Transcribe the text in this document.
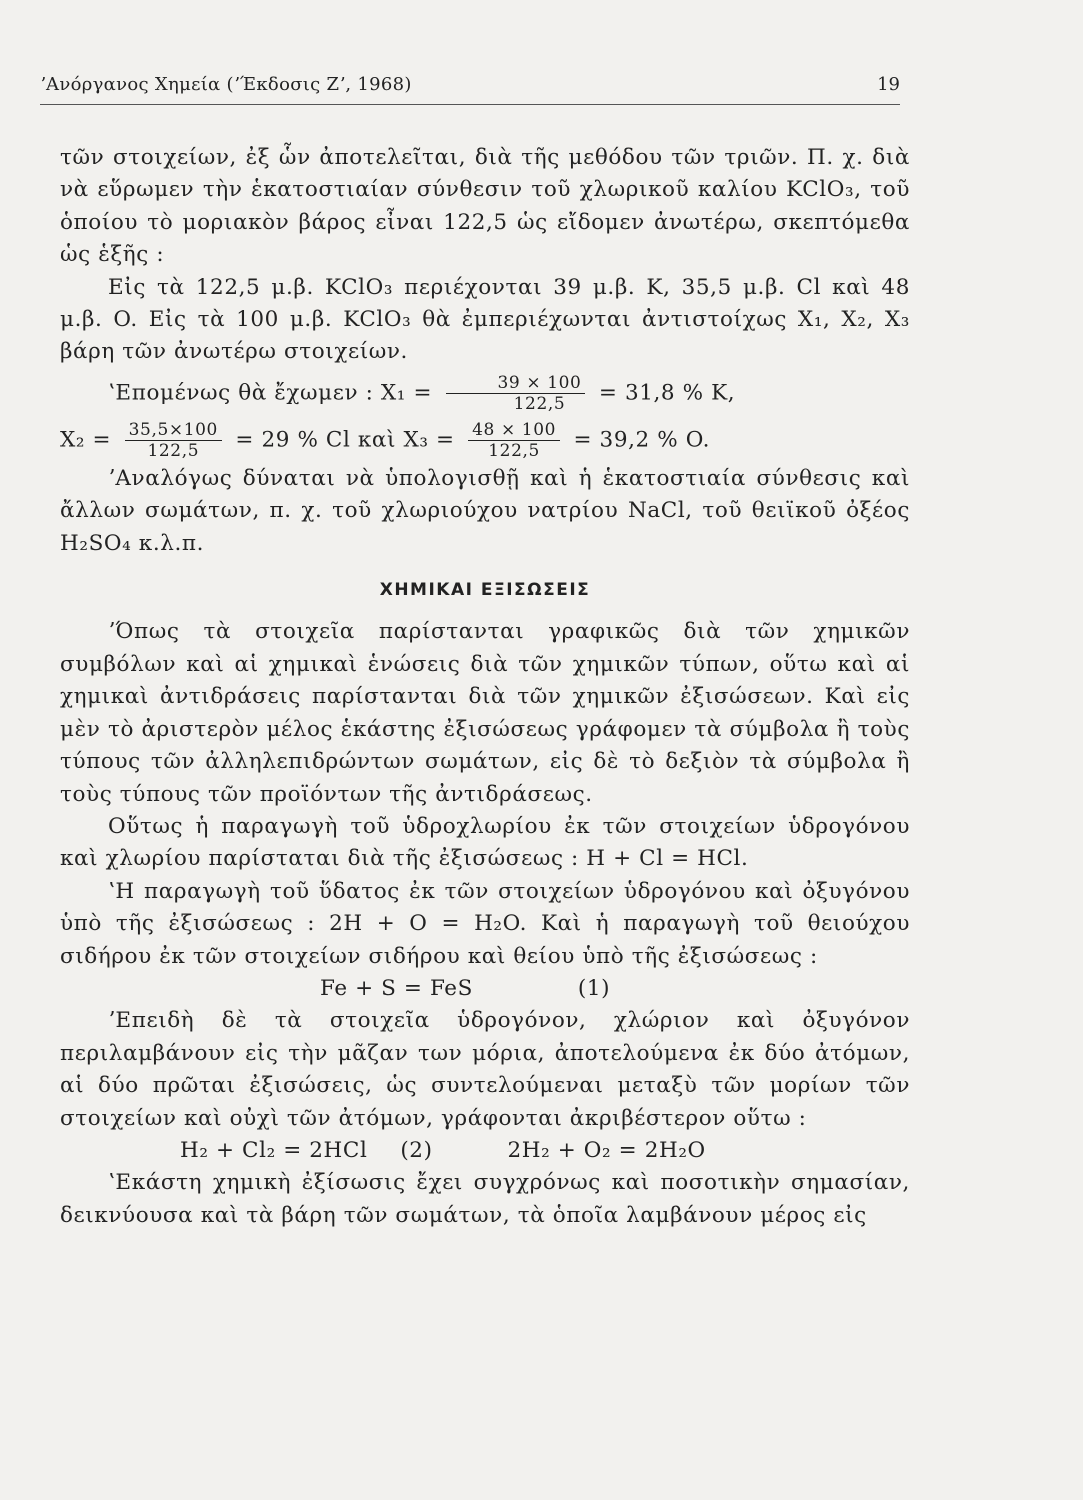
ʼΑνόργανος Χημεία (ʼΈκδοσις Ζʼ, 1968)	19

τῶν στοιχείων, ἐξ ὧν ἀποτελεῖται, διὰ τῆς μεθόδου τῶν τριῶν. Π. χ. διὰ νὰ εὕρωμεν τὴν ἑκατοστιαίαν σύνθεσιν τοῦ χλωρικοῦ καλίου KClO₃, τοῦ ὁποίου τὸ μοριακὸν βάρος εἶναι 122,5 ὡς εἴδομεν ἀνωτέρω, σκεπτόμεθα ὡς ἑξῆς :

Εἰς τὰ 122,5 μ.β. KClO₃ περιέχονται 39 μ.β. K, 35,5 μ.β. Cl καὶ 48 μ.β. O. Εἰς τὰ 100 μ.β. KClO₃ θὰ ἐμπεριέχωνται ἀντιστοίχως X₁, X₂, X₃ βάρη τῶν ἀνωτέρω στοιχείων.

ʽΕπομένως θὰ ἔχωμεν : $X_1 = \frac{39 \times 100}{122,5} = 31,8$ % K,

$X_2 = \frac{35,5\times 100}{122,5} = 29$ % Cl καὶ $X_3 = \frac{48 \times 100}{122,5} = 39,2$ % O.

ʼΑναλόγως δύναται νὰ ὑπολογισθῇ καὶ ἡ ἑκατοστιαία σύνθεσις καὶ ἄλλων σωμάτων, π. χ. τοῦ χλωριούχου νατρίου NaCl, τοῦ θειϊκοῦ ὀξέος H₂SO₄ κ.λ.π.

ΧΗΜΙΚΑΙ ΕΞΙΣΩΣΕΙΣ

ʼΌπως τὰ στοιχεῖα παρίστανται γραφικῶς διὰ τῶν χημικῶν συμβόλων καὶ αἱ χημικαὶ ἑνώσεις διὰ τῶν χημικῶν τύπων, οὕτω καὶ αἱ χημικαὶ ἀντιδράσεις παρίστανται διὰ τῶν χημικῶν ἐξισώσεων. Καὶ εἰς μὲν τὸ ἀριστερὸν μέλος ἑκάστης ἐξισώσεως γράφομεν τὰ σύμβολα ἢ τοὺς τύπους τῶν ἀλληλεπιδρώντων σωμάτων, εἰς δὲ τὸ δεξιὸν τὰ σύμβολα ἢ τοὺς τύπους τῶν προϊόντων τῆς ἀντιδράσεως.

Οὕτως ἡ παραγωγὴ τοῦ ὑδροχλωρίου ἐκ τῶν στοιχείων ὑδρογόνου καὶ χλωρίου παρίσταται διὰ τῆς ἐξισώσεως : H + Cl = HCl.

ʽΗ παραγωγὴ τοῦ ὕδατος ἐκ τῶν στοιχείων ὑδρογόνου καὶ ὀξυγόνου ὑπὸ τῆς ἐξισώσεως : 2H + O = H₂O. Καὶ ἡ παραγωγὴ τοῦ θειούχου σιδήρου ἐκ τῶν στοιχείων σιδήρου καὶ θείου ὑπὸ τῆς ἐξισώσεως :

Fe + S = FeS	(1)

ʼΕπειδὴ δὲ τὰ στοιχεῖα ὑδρογόνον, χλώριον καὶ ὀξυγόνον περιλαμβάνουν εἰς τὴν μᾶζαν των μόρια, ἀποτελούμενα ἐκ δύο ἀτόμων, αἱ δύο πρῶται ἐξισώσεις, ὡς συντελούμεναι μεταξὺ τῶν μορίων τῶν στοιχείων καὶ οὐχὶ τῶν ἀτόμων, γράφονται ἀκριβέστερον οὕτω :

H₂ + Cl₂ = 2HCl (2)	2H₂ + O₂ = 2H₂O

ʽΕκάστη χημικὴ ἐξίσωσις ἔχει συγχρόνως καὶ ποσοτικὴν σημασίαν, δεικνύουσα καὶ τὰ βάρη τῶν σωμάτων, τὰ ὁποῖα λαμβάνουν μέρος εἰς
